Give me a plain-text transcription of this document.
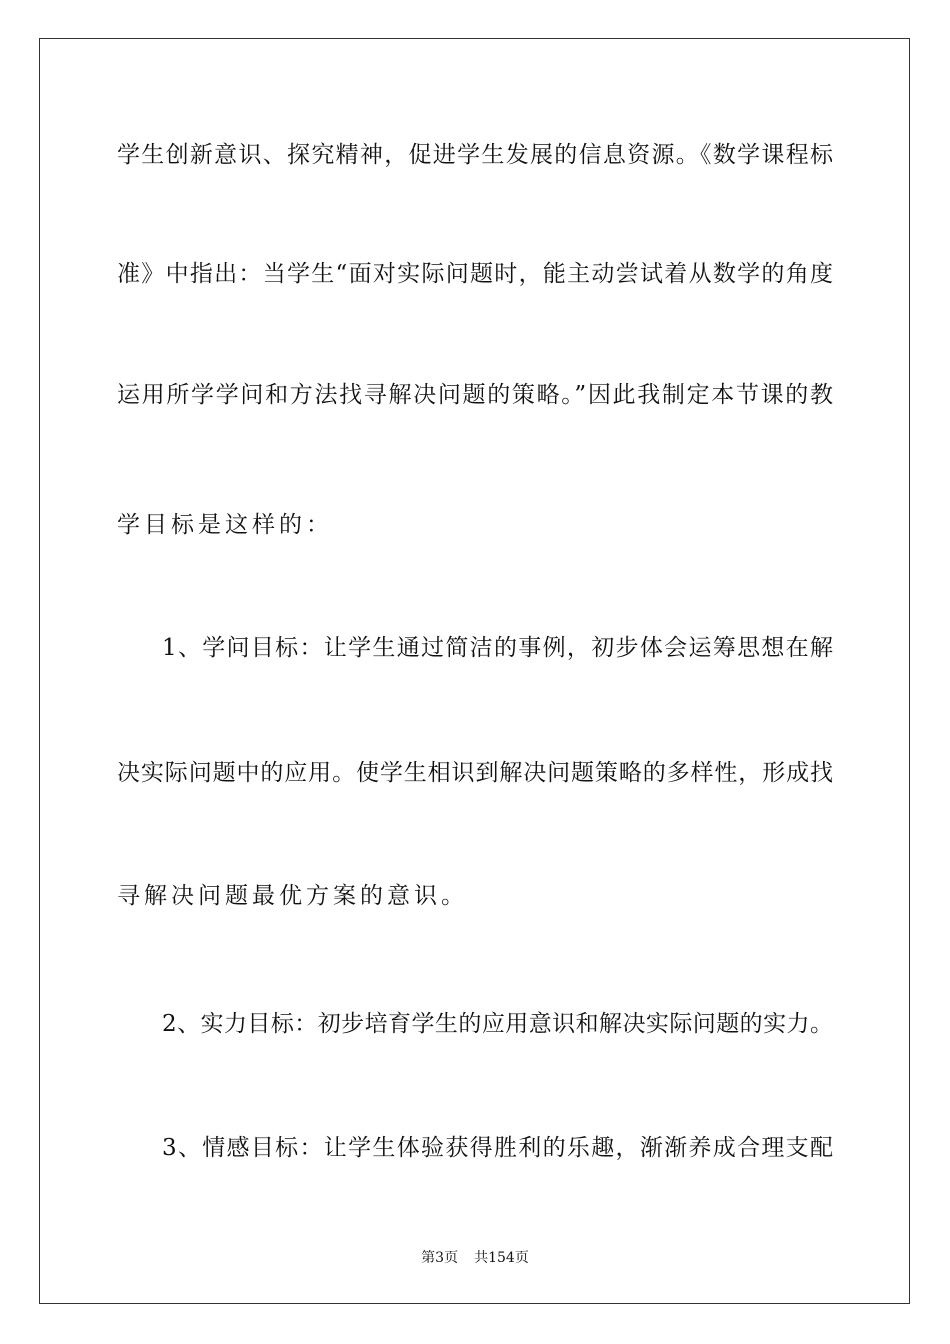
学生创新意识、探究精神，促进学生发展的信息资源。《数学课程标
准》中指出：当学生“面对实际问题时，能主动尝试着从数学的角度
运用所学学问和方法找寻解决问题的策略。”因此我制定本节课的教
学目标是这样的：
1、学问目标：让学生通过简洁的事例，初步体会运筹思想在解
决实际问题中的应用。使学生相识到解决问题策略的多样性，形成找
寻解决问题最优方案的意识。
2、实力目标：初步培育学生的应用意识和解决实际问题的实力。
3、情感目标：让学生体验获得胜利的乐趣，渐渐养成合理支配
第3页 共154页
